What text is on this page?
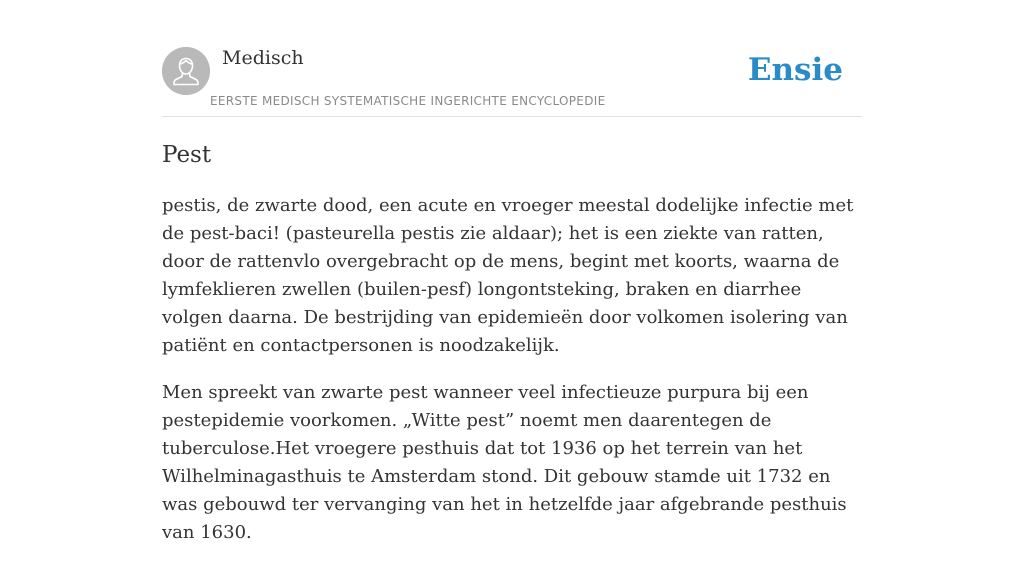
Medisch
EERSTE MEDISCH SYSTEMATISCHE INGERICHTE ENCYCLOPEDIE
Ensie
Pest

pestis, de zwarte dood, een acute en vroeger meestal dodelijke infectie met de pest-baci! (pasteurella pestis zie aldaar); het is een ziekte van ratten, door de rattenvlo overgebracht op de mens, begint met koorts, waarna de lymfeklieren zwellen (builen-pesf) longontsteking, braken en diarrhee volgen daarna. De bestrijding van epidemieën door volkomen isolering van patiënt en contactpersonen is noodzakelijk.

Men spreekt van zwarte pest wanneer veel infectieuze purpura bij een pestepidemie voorkomen. „Witte pest” noemt men daarentegen de tuberculose.Het vroegere pesthuis dat tot 1936 op het terrein van het Wilhelminagasthuis te Amsterdam stond. Dit gebouw stamde uit 1732 en was gebouwd ter vervanging van het in hetzelfde jaar afgebrande pesthuis van 1630.
